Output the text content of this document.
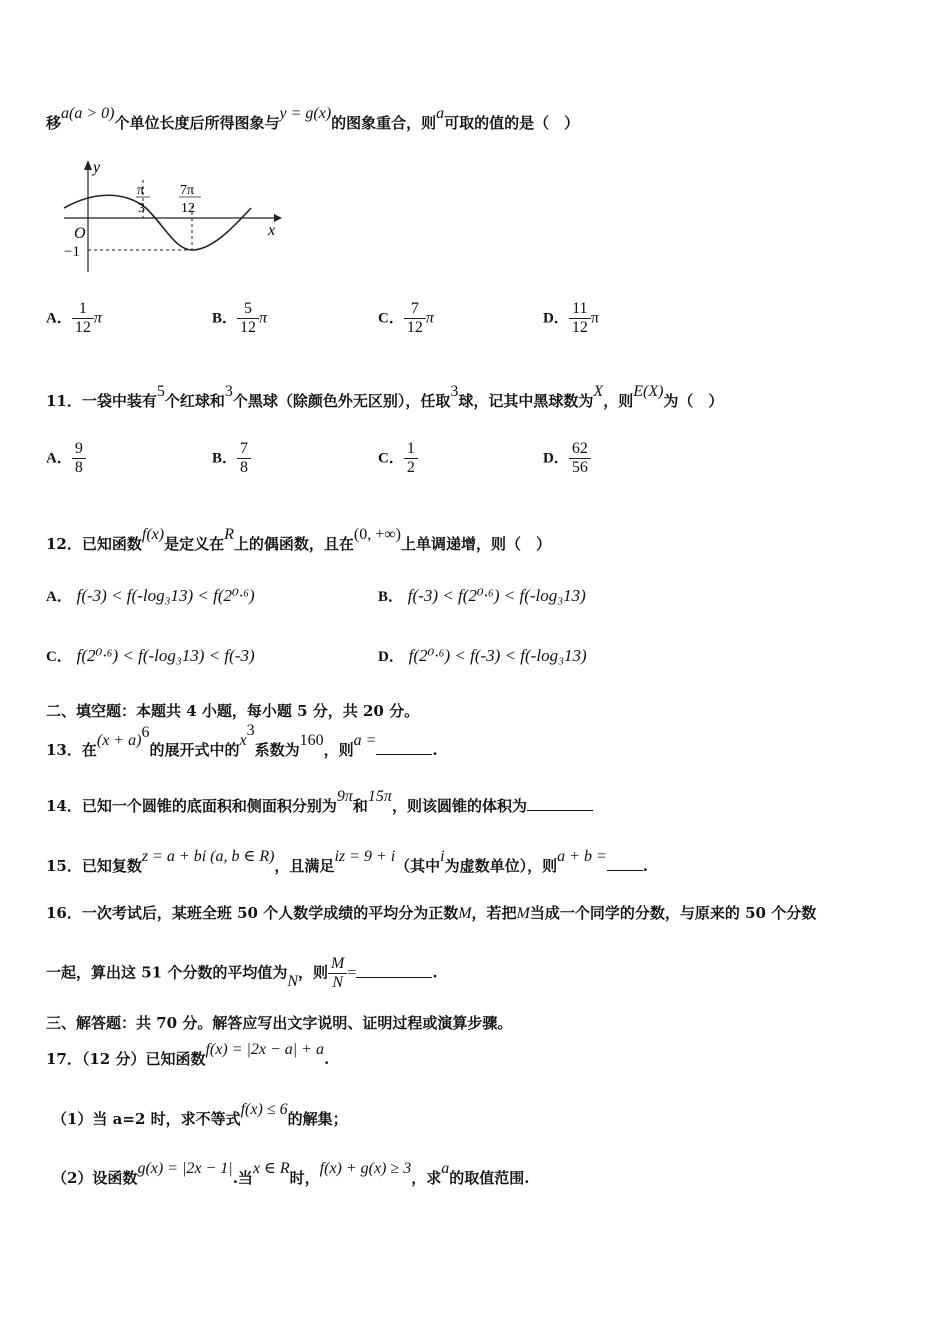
移a(a > 0)个单位长度后所得图象与y = g(x)的图象重合，则a可取的值的是（　）
y
x
O
π
3
7π
12
−1
A． $\frac{1}{12}$ π	B． $\frac{5}{12}$ π	C． $\frac{7}{12}$ π	D． $\frac{11}{12}$ π
11．一袋中装有5个红球和3个黑球（除颜色外无区别），任取3球，记其中黑球数为X，则E(X)为（　）
A． $\frac{9}{8}$	B． $\frac{7}{8}$	C． $\frac{1}{2}$	D． $\frac{62}{56}$
12．已知函数f(x)是定义在R上的偶函数，且在(0, +∞)上单调递增，则（　）
A． f(-3) < f(-log₃13) < f(2⁰·⁶)	B． f(-3) < f(2⁰·⁶) < f(-log₃13)
C． f(2⁰·⁶) < f(-log₃13) < f(-3)	D． f(2⁰·⁶) < f(-3) < f(-log₃13)
二、填空题：本题共 4 小题，每小题 5 分，共 20 分。
13．在$(x + a)^6$的展开式中的$x^3$系数为160，则a =.
14．已知一个圆锥的底面积和侧面积分别为9π和15π，则该圆锥的体积为
15．已知复数z = a + bi (a, b ∈ R)，且满足iz = 9 + i（其中i为虚数单位），则a + b =.
16．一次考试后，某班全班 50 个人数学成绩的平均分为正数M，若把M当成一个同学的分数，与原来的 50 个分数
一起，算出这 51 个分数的平均值为N，则 $\frac{M}{N}$ =	.
三、解答题：共 70 分。解答应写出文字说明、证明过程或演算步骤。
17．（12 分）已知函数f(x) = |2x − a| + a.
（1）当 a=2 时，求不等式f(x) ≤ 6的解集；
（2）设函数g(x) = |2x − 1|.当x ∈ R时，f(x) + g(x) ≥ 3，求a的取值范围.
